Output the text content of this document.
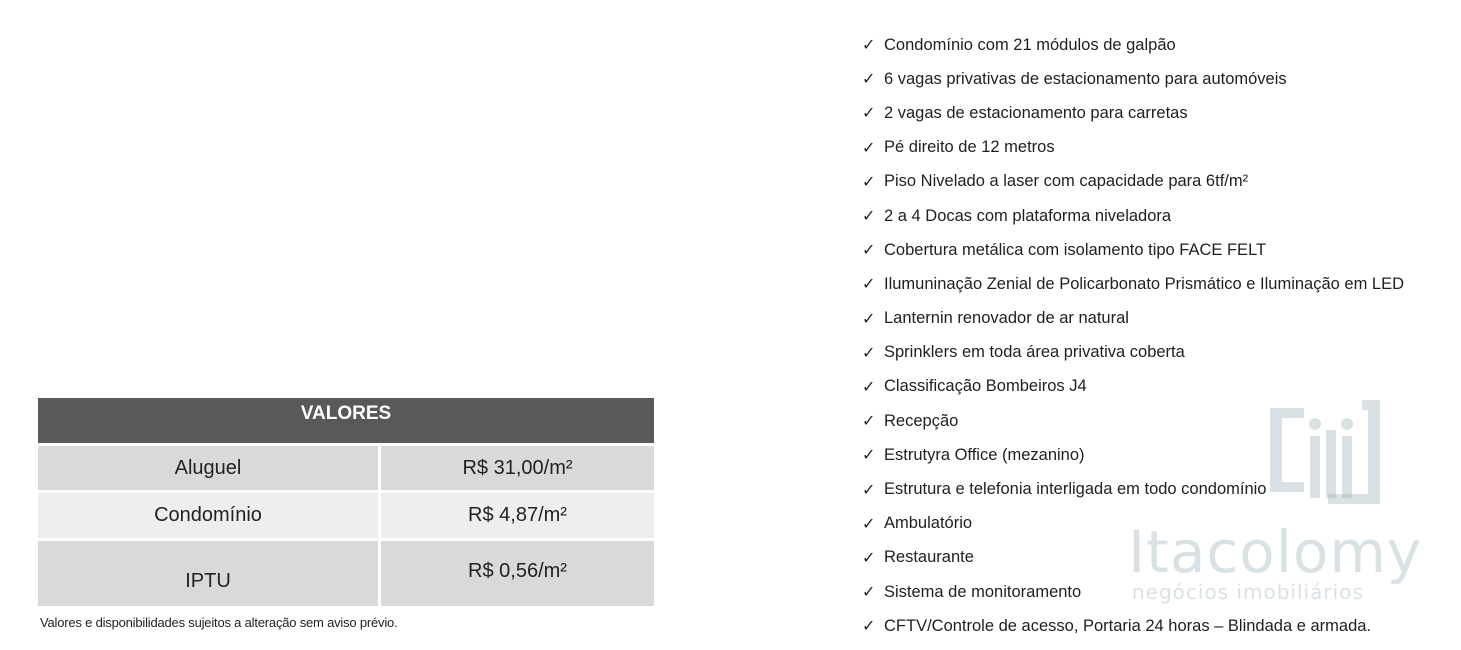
VALORES
Aluguel	R$ 31,00/m²
Condomínio	R$ 4,87/m²
IPTU	R$ 0,56/m²
Valores e disponibilidades sujeitos a alteração sem aviso prévio.
Itacolomy
negócios imobiliários
✓ Condomínio com 21 módulos de galpão
✓ 6 vagas privativas de estacionamento para automóveis
✓ 2 vagas de estacionamento para carretas
✓ Pé direito de 12 metros
✓ Piso Nivelado a laser com capacidade para 6tf/m²
✓ 2 a 4 Docas com plataforma niveladora
✓ Cobertura metálica com isolamento tipo FACE FELT
✓ Ilumuninação Zenial de Policarbonato Prismático e Iluminação em LED
✓ Lanternin renovador de ar natural
✓ Sprinklers em toda área privativa coberta
✓ Classificação Bombeiros J4
✓ Recepção
✓ Estrutyra Office (mezanino)
✓ Estrutura e telefonia interligada em todo condomínio
✓ Ambulatório
✓ Restaurante
✓ Sistema de monitoramento
✓ CFTV/Controle de acesso, Portaria 24 horas – Blindada e armada.
